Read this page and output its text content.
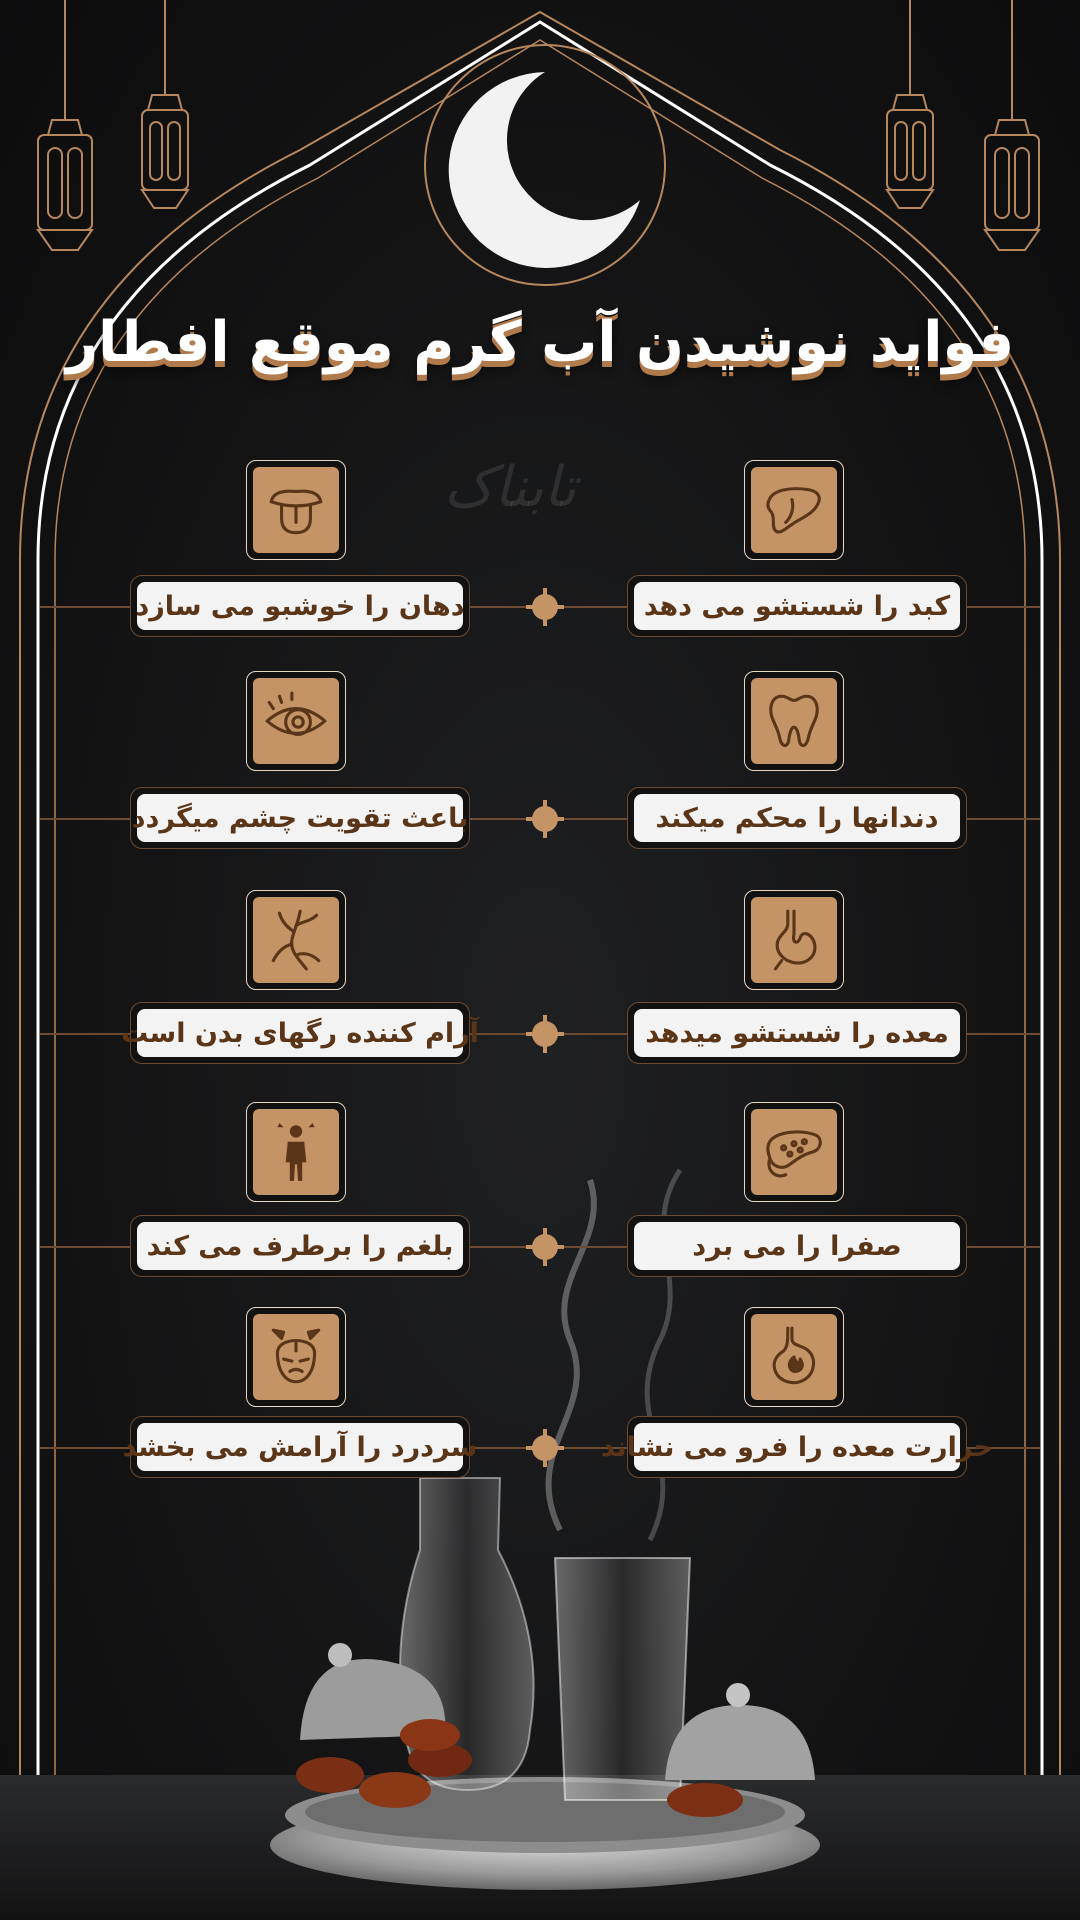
فواید نوشیدن آب گرم موقع افطار
تابناک
کبد را شستشو می دهد
دهان را خوشبو می سازد
دندانها را محکم میکند
باعث تقویت چشم میگردد
معده را شستشو میدهد
آرام کننده رگهای بدن است
صفرا را می برد
بلغم را برطرف می کند
حرارت معده را فرو می نشاند
سردرد را آرامش می بخشد
